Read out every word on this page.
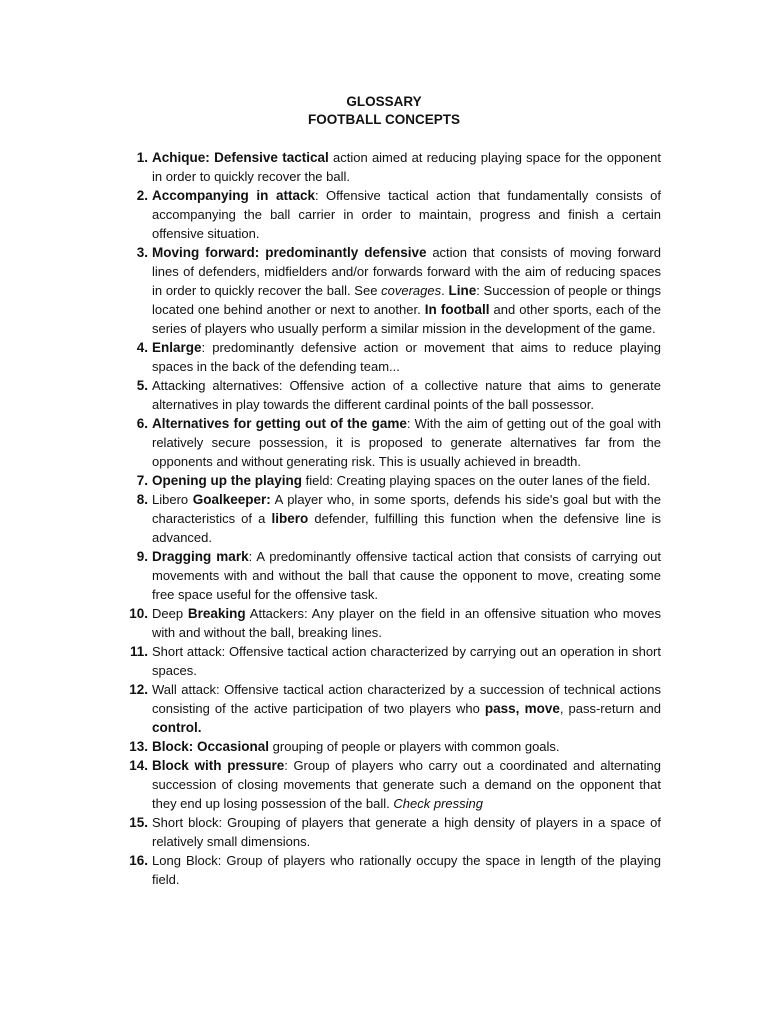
GLOSSARY
FOOTBALL CONCEPTS
1. Achique: Defensive tactical action aimed at reducing playing space for the opponent in order to quickly recover the ball.
2. Accompanying in attack: Offensive tactical action that fundamentally consists of accompanying the ball carrier in order to maintain, progress and finish a certain offensive situation.
3. Moving forward: predominantly defensive action that consists of moving forward lines of defenders, midfielders and/or forwards forward with the aim of reducing spaces in order to quickly recover the ball. See coverages. Line: Succession of people or things located one behind another or next to another. In football and other sports, each of the series of players who usually perform a similar mission in the development of the game.
4. Enlarge: predominantly defensive action or movement that aims to reduce playing spaces in the back of the defending team...
5. Attacking alternatives: Offensive action of a collective nature that aims to generate alternatives in play towards the different cardinal points of the ball possessor.
6. Alternatives for getting out of the game: With the aim of getting out of the goal with relatively secure possession, it is proposed to generate alternatives far from the opponents and without generating risk. This is usually achieved in breadth.
7. Opening up the playing field: Creating playing spaces on the outer lanes of the field.
8. Libero Goalkeeper: A player who, in some sports, defends his side's goal but with the characteristics of a libero defender, fulfilling this function when the defensive line is advanced.
9. Dragging mark: A predominantly offensive tactical action that consists of carrying out movements with and without the ball that cause the opponent to move, creating some free space useful for the offensive task.
10. Deep Breaking Attackers: Any player on the field in an offensive situation who moves with and without the ball, breaking lines.
11. Short attack: Offensive tactical action characterized by carrying out an operation in short spaces.
12. Wall attack: Offensive tactical action characterized by a succession of technical actions consisting of the active participation of two players who pass, move, pass-return and control.
13. Block: Occasional grouping of people or players with common goals.
14. Block with pressure: Group of players who carry out a coordinated and alternating succession of closing movements that generate such a demand on the opponent that they end up losing possession of the ball. Check pressing
15. Short block: Grouping of players that generate a high density of players in a space of relatively small dimensions.
16. Long Block: Group of players who rationally occupy the space in length of the playing field.
